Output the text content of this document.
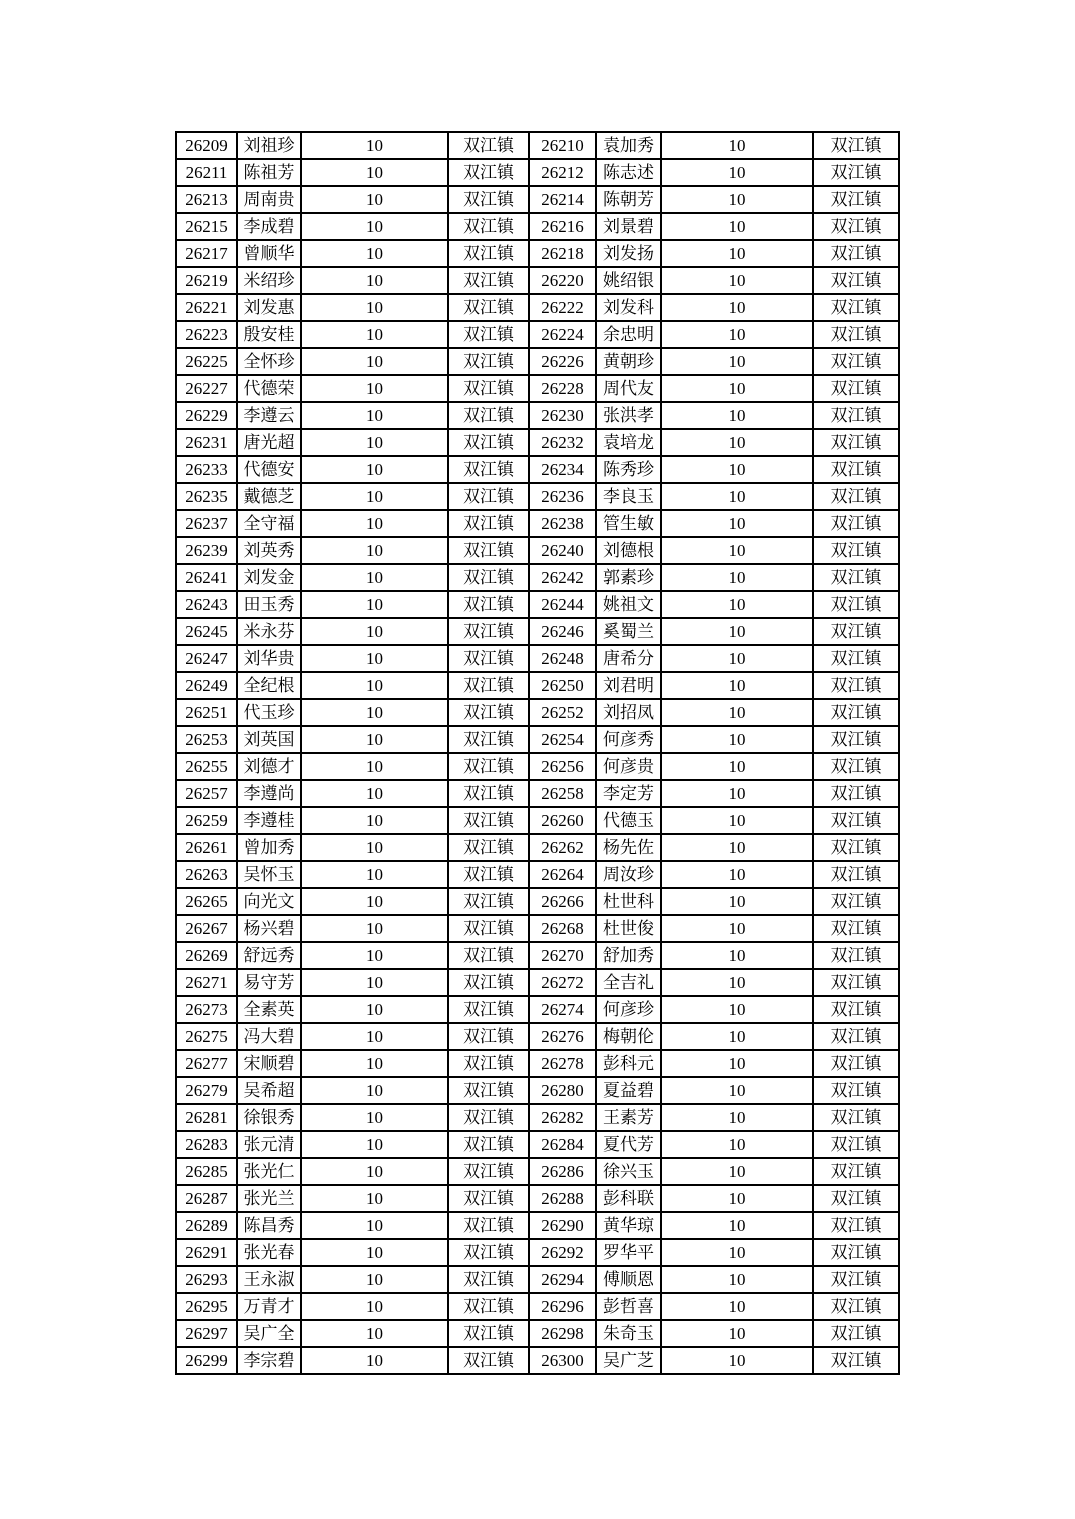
26209	刘祖珍	10	双江镇	26210	袁加秀	10	双江镇
26211	陈祖芳	10	双江镇	26212	陈志述	10	双江镇
26213	周南贵	10	双江镇	26214	陈朝芳	10	双江镇
26215	李成碧	10	双江镇	26216	刘景碧	10	双江镇
26217	曾顺华	10	双江镇	26218	刘发扬	10	双江镇
26219	米绍珍	10	双江镇	26220	姚绍银	10	双江镇
26221	刘发惠	10	双江镇	26222	刘发科	10	双江镇
26223	殷安桂	10	双江镇	26224	余忠明	10	双江镇
26225	全怀珍	10	双江镇	26226	黄朝珍	10	双江镇
26227	代德荣	10	双江镇	26228	周代友	10	双江镇
26229	李遵云	10	双江镇	26230	张洪孝	10	双江镇
26231	唐光超	10	双江镇	26232	袁培龙	10	双江镇
26233	代德安	10	双江镇	26234	陈秀珍	10	双江镇
26235	戴德芝	10	双江镇	26236	李良玉	10	双江镇
26237	全守福	10	双江镇	26238	管生敏	10	双江镇
26239	刘英秀	10	双江镇	26240	刘德根	10	双江镇
26241	刘发金	10	双江镇	26242	郭素珍	10	双江镇
26243	田玉秀	10	双江镇	26244	姚祖文	10	双江镇
26245	米永芬	10	双江镇	26246	奚蜀兰	10	双江镇
26247	刘华贵	10	双江镇	26248	唐希分	10	双江镇
26249	全纪根	10	双江镇	26250	刘君明	10	双江镇
26251	代玉珍	10	双江镇	26252	刘招凤	10	双江镇
26253	刘英国	10	双江镇	26254	何彦秀	10	双江镇
26255	刘德才	10	双江镇	26256	何彦贵	10	双江镇
26257	李遵尚	10	双江镇	26258	李定芳	10	双江镇
26259	李遵桂	10	双江镇	26260	代德玉	10	双江镇
26261	曾加秀	10	双江镇	26262	杨先佐	10	双江镇
26263	吴怀玉	10	双江镇	26264	周汝珍	10	双江镇
26265	向光文	10	双江镇	26266	杜世科	10	双江镇
26267	杨兴碧	10	双江镇	26268	杜世俊	10	双江镇
26269	舒远秀	10	双江镇	26270	舒加秀	10	双江镇
26271	易守芳	10	双江镇	26272	全吉礼	10	双江镇
26273	全素英	10	双江镇	26274	何彦珍	10	双江镇
26275	冯大碧	10	双江镇	26276	梅朝伦	10	双江镇
26277	宋顺碧	10	双江镇	26278	彭科元	10	双江镇
26279	吴希超	10	双江镇	26280	夏益碧	10	双江镇
26281	徐银秀	10	双江镇	26282	王素芳	10	双江镇
26283	张元清	10	双江镇	26284	夏代芳	10	双江镇
26285	张光仁	10	双江镇	26286	徐兴玉	10	双江镇
26287	张光兰	10	双江镇	26288	彭科联	10	双江镇
26289	陈昌秀	10	双江镇	26290	黄华琼	10	双江镇
26291	张光春	10	双江镇	26292	罗华平	10	双江镇
26293	王永淑	10	双江镇	26294	傅顺恩	10	双江镇
26295	万青才	10	双江镇	26296	彭哲喜	10	双江镇
26297	吴广全	10	双江镇	26298	朱奇玉	10	双江镇
26299	李宗碧	10	双江镇	26300	吴广芝	10	双江镇
